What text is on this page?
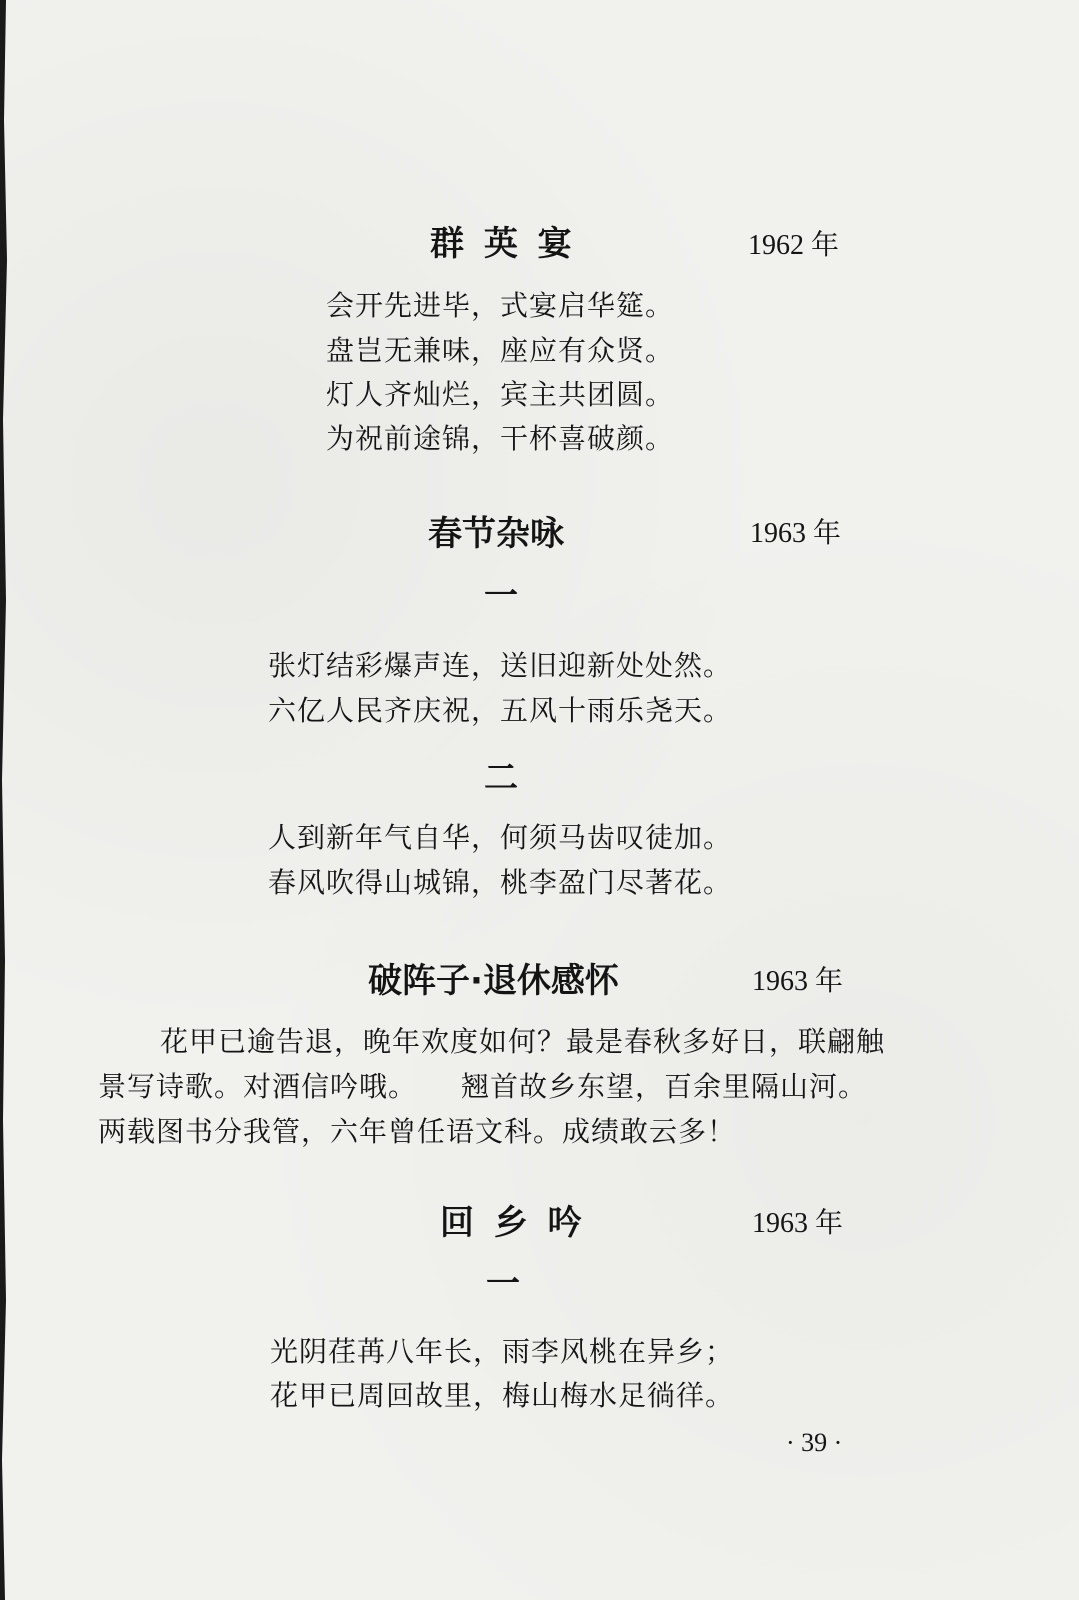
群 英 宴	1962 年
会开先进毕，式宴启华筵。
盘岂无兼味，座应有众贤。
灯人齐灿烂，宾主共团圆。
为祝前途锦，干杯喜破颜。
春节杂咏	1963 年
一
张灯结彩爆声连，送旧迎新处处然。
六亿人民齐庆祝，五风十雨乐尧天。
二
人到新年气自华，何须马齿叹徒加。
春风吹得山城锦，桃李盈门尽著花。
破阵子·退休感怀	1963 年
花甲已逾告退，晚年欢度如何？最是春秋多好日，联翩触
景写诗歌。对酒信吟哦。　　翘首故乡东望，百余里隔山河。
两载图书分我管，六年曾任语文科。成绩敢云多！
回 乡 吟	1963 年
一
光阴荏苒八年长，雨李风桃在异乡；
花甲已周回故里，梅山梅水足徜徉。
· 39 ·
